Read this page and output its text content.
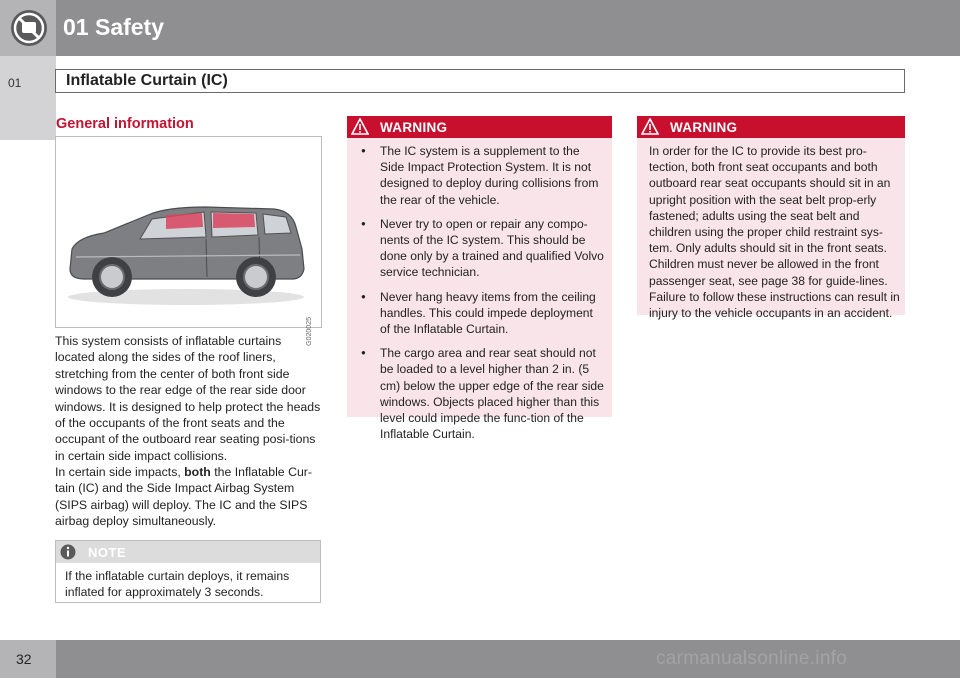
01 Safety
01	Inflatable Curtain (IC)
General information
G020025

This system consists of inflatable curtains located along the sides of the roof liners, stretching from the center of both front side windows to the rear edge of the rear side door windows. It is designed to help protect the heads of the occupants of the front seats and the occupant of the outboard rear seating posi-tions in certain side impact collisions.

In certain side impacts, both the Inflatable Cur-tain (IC) and the Side Impact Airbag System (SIPS airbag) will deploy. The IC and the SIPS airbag deploy simultaneously.

NOTE

If the inflatable curtain deploys, it remains inflated for approximately 3 seconds.

WARNING
● The IC system is a supplement to the Side Impact Protection System. It is not designed to deploy during collisions from the rear of the vehicle.
● Never try to open or repair any compo-nents of the IC system. This should be done only by a trained and qualified Volvo service technician.
● Never hang heavy items from the ceiling handles. This could impede deployment of the Inflatable Curtain.
● The cargo area and rear seat should not be loaded to a level higher than 2 in. (5 cm) below the upper edge of the rear side windows. Objects placed higher than this level could impede the func-tion of the Inflatable Curtain.
WARNING

In order for the IC to provide its best pro-tection, both front seat occupants and both outboard rear seat occupants should sit in an upright position with the seat belt prop-erly fastened; adults using the seat belt and children using the proper child restraint sys-tem. Only adults should sit in the front seats. Children must never be allowed in the front passenger seat, see page 38 for guide-lines. Failure to follow these instructions can result in injury to the vehicle occupants in an accident.

32	carmanualsonline.info
